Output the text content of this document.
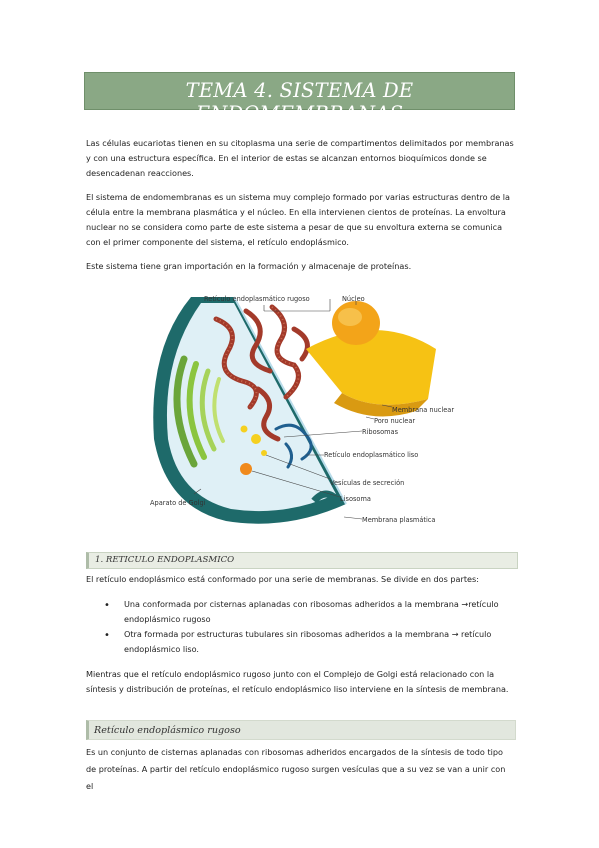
TEMA 4. SISTEMA DE ENDOMEMBRANAS
Las células eucariotas tienen en su citoplasma una serie de compartimentos delimitados por membranas y con una estructura específica. En el interior de estas se alcanzan entornos bioquímicos donde se desencadenan reacciones.
El sistema de endomembranas es un sistema muy complejo formado por varias estructuras dentro de la célula entre la membrana plasmática y el núcleo. En ella intervienen cientos de proteínas. La envoltura nuclear no se considera como parte de este sistema a pesar de que su envoltura externa se comunica con el primer componente del sistema, el retículo endoplásmico.
Este sistema tiene gran importación en la formación y almacenaje de proteínas.
Retículo endoplasmático rugoso	Núcleo
Membrana nuclear
Poro nuclear
Ribosomas
Retículo endoplasmático liso
Vesículas de secreción
Lisosoma
Aparato de Golgi
Membrana plasmática
1. RETICULO ENDOPLASMICO
El retículo endoplásmico está conformado por una serie de membranas. Se divide en dos partes:
• Una conformada por cisternas aplanadas con ribosomas adheridos a la membrana →retículo endoplásmico rugoso
• Otra formada por estructuras tubulares sin ribosomas adheridos a la membrana → retículo endoplásmico liso.
Mientras que el retículo endoplásmico rugoso junto con el Complejo de Golgi está relacionado con la síntesis y distribución de proteínas, el retículo endoplásmico liso interviene en la síntesis de membrana.
Retículo endoplásmico rugoso
Es un conjunto de cisternas aplanadas con ribosomas adheridos encargados de la síntesis de todo tipo de proteínas. A partir del retículo endoplásmico rugoso surgen vesículas que a su vez se van a unir con el
